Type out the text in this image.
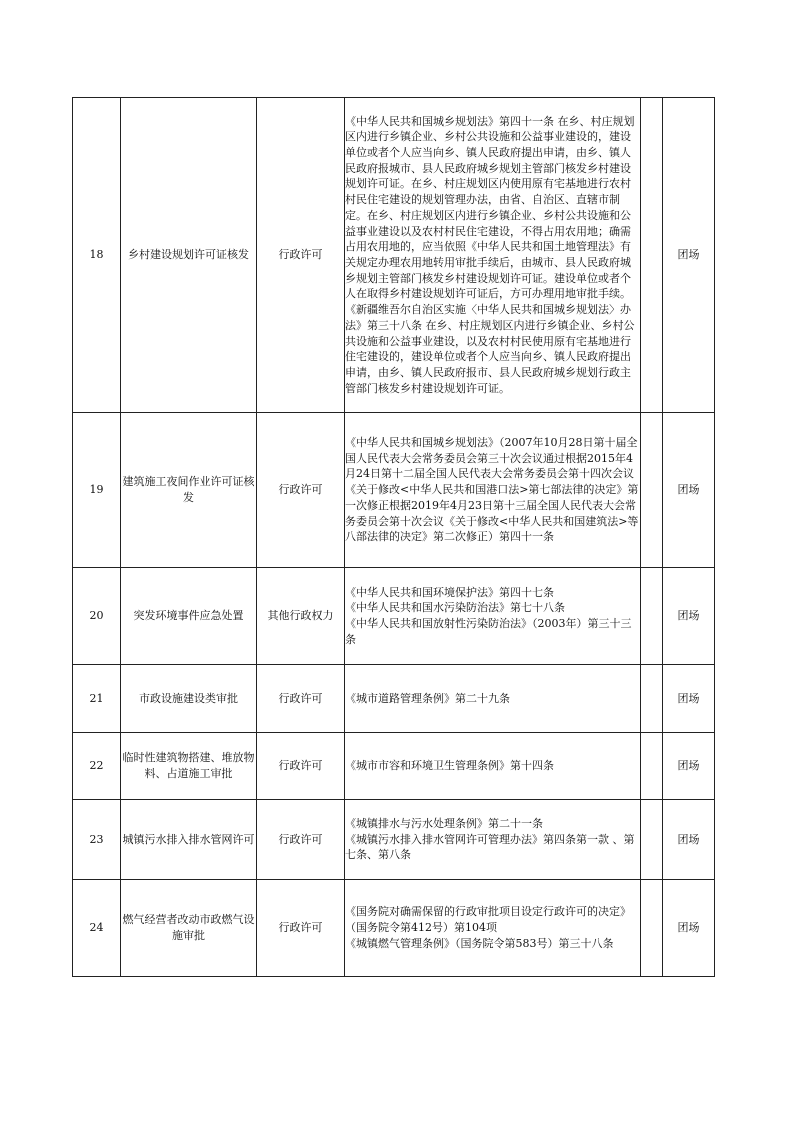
18	乡村建设规划许可证核发	行政许可	《中华人民共和国城乡规划法》第四十一条 在乡、村庄规划区内进行乡镇企业、乡村公共设施和公益事业建设的，建设单位或者个人应当向乡、镇人民政府提出申请，由乡、镇人民政府报城市、县人民政府城乡规划主管部门核发乡村建设规划许可证。在乡、村庄规划区内使用原有宅基地进行农村村民住宅建设的规划管理办法，由省、自治区、直辖市制定。在乡、村庄规划区内进行乡镇企业、乡村公共设施和公益事业建设以及农村村民住宅建设，不得占用农用地；确需占用农用地的，应当依照《中华人民共和国土地管理法》有关规定办理农用地转用审批手续后，由城市、县人民政府城乡规划主管部门核发乡村建设规划许可证。建设单位或者个人在取得乡村建设规划许可证后，方可办理用地审批手续。
《新疆维吾尔自治区实施〈中华人民共和国城乡规划法〉办法》第三十八条 在乡、村庄规划区内进行乡镇企业、乡村公共设施和公益事业建设，以及农村村民使用原有宅基地进行住宅建设的，建设单位或者个人应当向乡、镇人民政府提出申请，由乡、镇人民政府报市、县人民政府城乡规划行政主管部门核发乡村建设规划许可证。		团场
19	建筑施工夜间作业许可证核发	行政许可	《中华人民共和国城乡规划法》（2007年10月28日第十届全国人民代表大会常务委员会第三十次会议通过根据2015年4月24日第十二届全国人民代表大会常务委员会第十四次会议《关于修改<中华人民共和国港口法>第七部法律的决定》第一次修正根据2019年4月23日第十三届全国人民代表大会常务委员会第十次会议《关于修改<中华人民共和国建筑法>等八部法律的决定》第二次修正）第四十一条		团场
20	突发环境事件应急处置	其他行政权力	《中华人民共和国环境保护法》第四十七条
《中华人民共和国水污染防治法》第七十八条
《中华人民共和国放射性污染防治法》（2003年）第三十三条		团场
21	市政设施建设类审批	行政许可	《城市道路管理条例》第二十九条		团场
22	临时性建筑物搭建、堆放物料、占道施工审批	行政许可	《城市市容和环境卫生管理条例》第十四条		团场
23	城镇污水排入排水管网许可	行政许可	《城镇排水与污水处理条例》第二十一条
《城镇污水排入排水管网许可管理办法》第四条第一款 、第七条、第八条		团场
24	燃气经营者改动市政燃气设施审批	行政许可	《国务院对确需保留的行政审批项目设定行政许可的决定》（国务院令第412号）第104项
《城镇燃气管理条例》（国务院令第583号）第三十八条		团场
